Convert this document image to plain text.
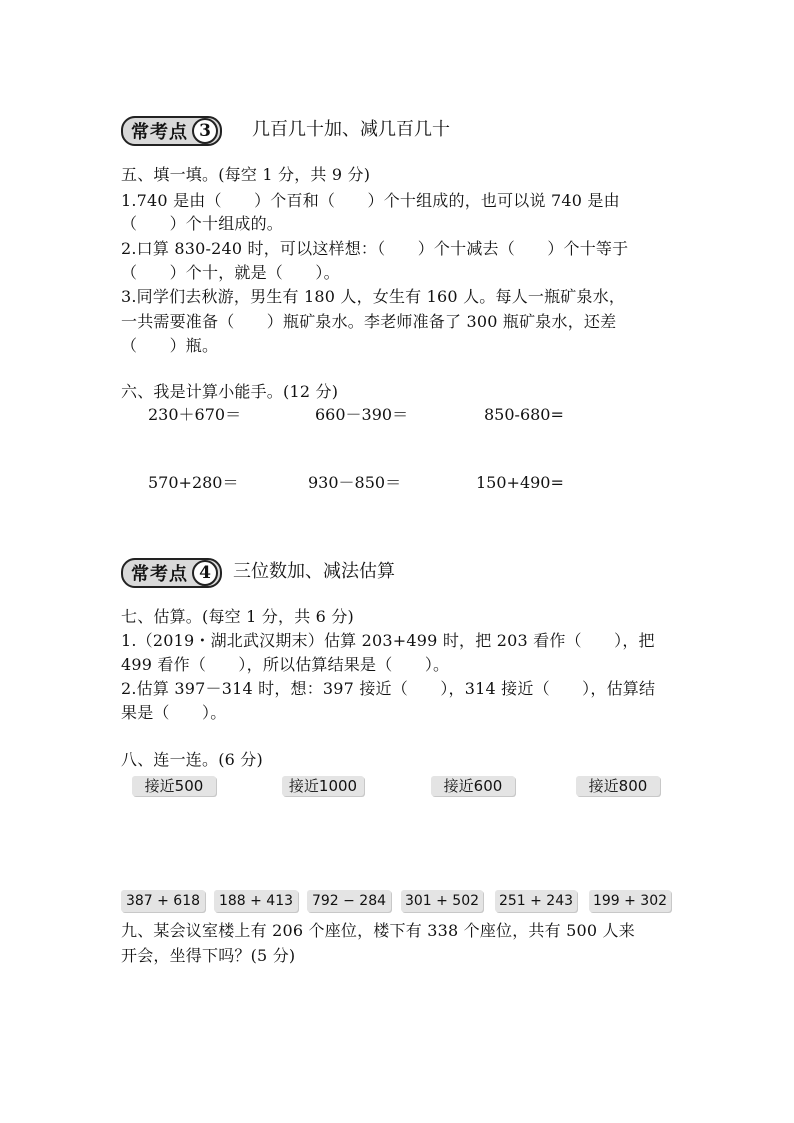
常考点 3	几百几十加、减几百几十
五、填一填。(每空 1 分，共 9 分)
1.740 是由（　　）个百和（　　）个十组成的，也可以说 740 是由
（　　）个十组成的。
2.口算 830-240 时，可以这样想：（　　）个十减去（　　）个十等于
（　　）个十，就是（　　）。
3.同学们去秋游，男生有 180 人，女生有 160 人。每人一瓶矿泉水，
一共需要准备（　　）瓶矿泉水。李老师准备了 300 瓶矿泉水，还差
（　　）瓶。
六、我是计算小能手。(12 分)
230＋670＝	660－390＝	850-680=
570+280＝	930－850＝	150+490=
常考点 4	三位数加、减法估算
七、估算。(每空 1 分，共 6 分)
1.（2019・湖北武汉期末）估算 203+499 时，把 203 看作（　　），把
499 看作（　　），所以估算结果是（　　）。
2.估算 397－314 时，想：397 接近（　　），314 接近（　　），估算结
果是（　　）。
八、连一连。(6 分)
接近500	接近1000	接近600	接近800
387 + 618	188 + 413	792 − 284	301 + 502 251 + 243 199 + 302
九、某会议室楼上有 206 个座位，楼下有 338 个座位，共有 500 人来
开会，坐得下吗？(5 分)
